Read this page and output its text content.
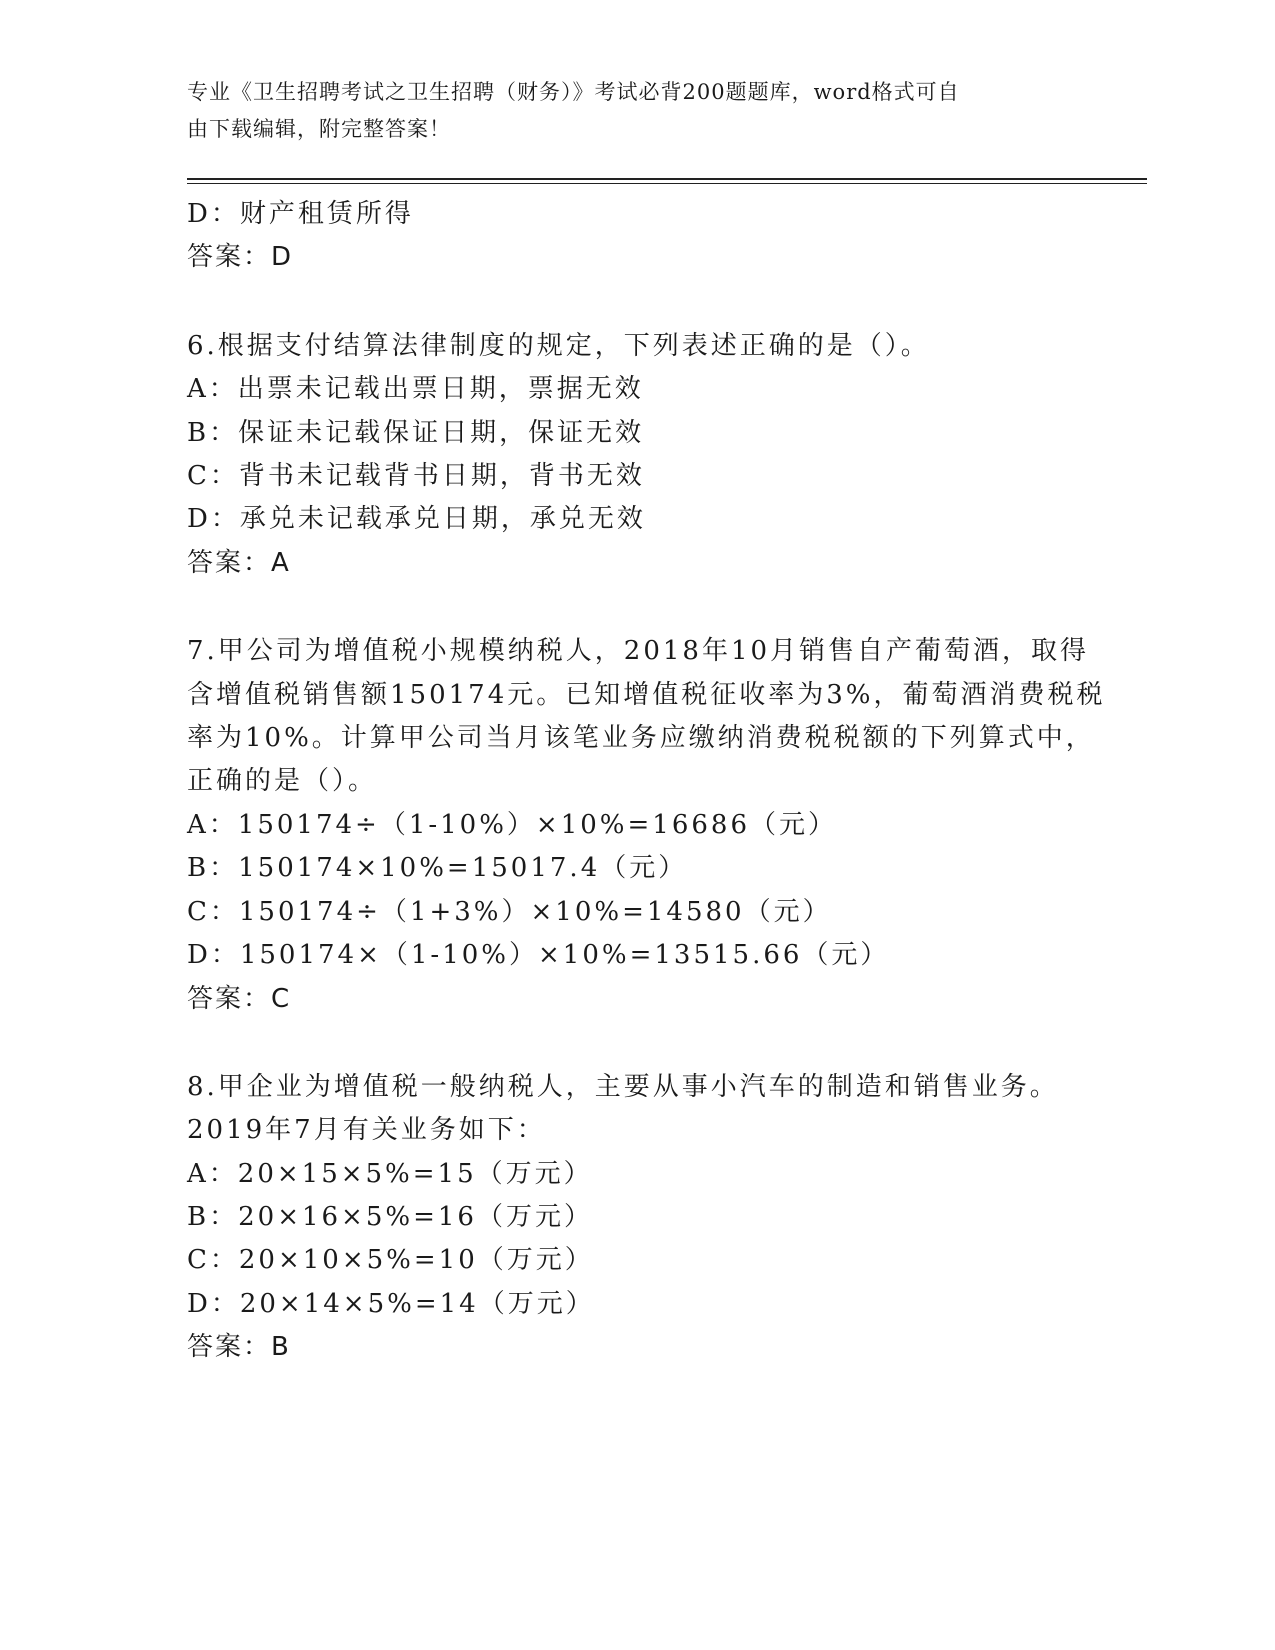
专业《卫生招聘考试之卫生招聘（财务）》考试必背200题题库，word格式可自
由下载编辑，附完整答案！
D：财产租赁所得
答案：D
6.根据支付结算法律制度的规定，下列表述正确的是（）。
A：出票未记载出票日期，票据无效
B：保证未记载保证日期，保证无效
C：背书未记载背书日期，背书无效
D：承兑未记载承兑日期，承兑无效
答案：A
7.甲公司为增值税小规模纳税人，2018年10月销售自产葡萄酒，取得
含增值税销售额150174元。已知增值税征收率为3%，葡萄酒消费税税
率为10%。计算甲公司当月该笔业务应缴纳消费税税额的下列算式中，
正确的是（）。
A：150174÷（1-10%）×10%=16686（元）
B：150174×10%=15017.4（元）
C：150174÷（1+3%）×10%=14580（元）
D：150174×（1-10%）×10%=13515.66（元）
答案：C
8.甲企业为增值税一般纳税人，主要从事小汽车的制造和销售业务。
2019年7月有关业务如下：
A：20×15×5%=15（万元）
B：20×16×5%=16（万元）
C：20×10×5%=10（万元）
D：20×14×5%=14（万元）
答案：B
